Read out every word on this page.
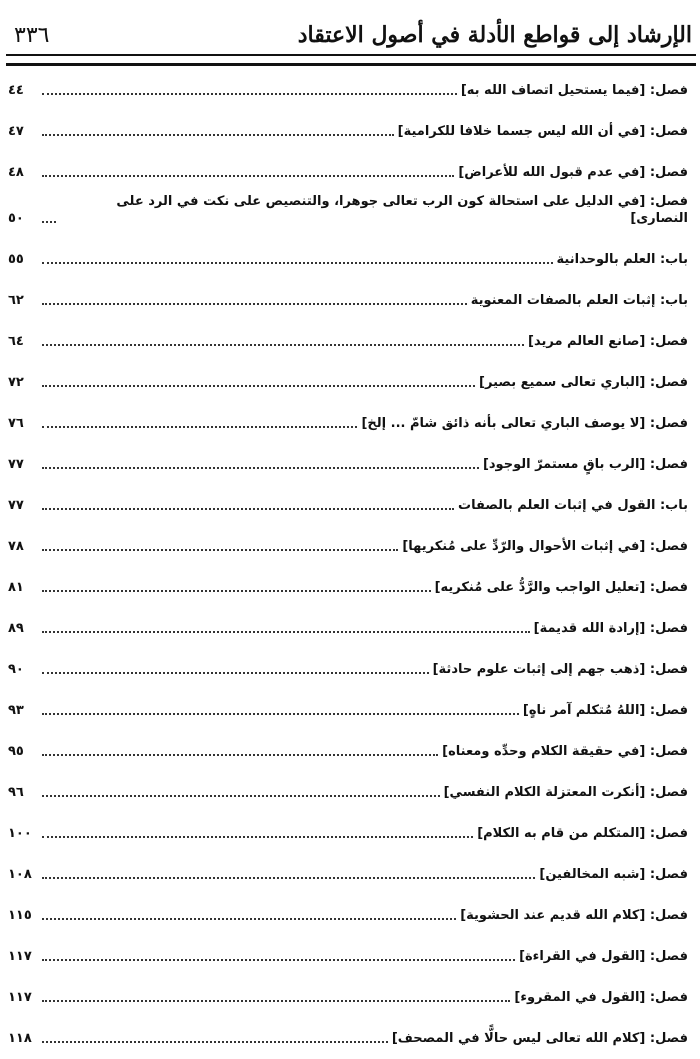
الإرشاد إلى قواطع الأدلة في أصول الاعتقاد
٣٣٦
فصل: [فيما يستحيل اتصاف الله به]
٤٤
فصل: [في أن الله ليس جسما خلافا للكرامية]
٤٧
فصل: [في عدم قبول الله للأعراض]
٤٨
فصل: [في الدليل على استحالة كون الرب تعالى جوهرا، والتنصيص على نكت في الرد على النصارى]
٥٠
باب: العلم بالوحدانية
٥٥
باب: إثبات العلم بالصفات المعنوية
٦٢
فصل: [صانع العالم مريد]
٦٤
فصل: [الباري تعالى سميع بصير]
٧٢
فصل: [لا يوصف الباري تعالى بأنه ذائق شامّ ... إلخ]
٧٦
فصل: [الرب باقٍ مستمرّ الوجود]
٧٧
باب: القول في إثبات العلم بالصفات
٧٧
فصل: [في إثبات الأحوال والرّدِّ على مُنكريها]
٧٨
فصل: [تعليل الواجب والرَّدُّ على مُنكريه]
٨١
فصل: [إرادة الله قديمة]
٨٩
فصل: [ذهب جهم إلى إثبات علوم حادثة]
٩٠
فصل: [اللهُ مُتكلم آمر ناهٍ]
٩٣
فصل: [في حقيقة الكلام وحدِّه ومعناه]
٩٥
فصل: [أنكرت المعتزلة الكلام النفسي]
٩٦
فصل: [المتكلم من قام به الكلام]
١٠٠
فصل: [شبه المخالفين]
١٠٨
فصل: [كلام الله قديم عند الحشوية]
١١٥
فصل: [القول في القراءة]
١١٧
فصل: [القول في المقروء]
١١٧
فصل: [كلام الله تعالى ليس حالًّا في المصحف]
١١٨
